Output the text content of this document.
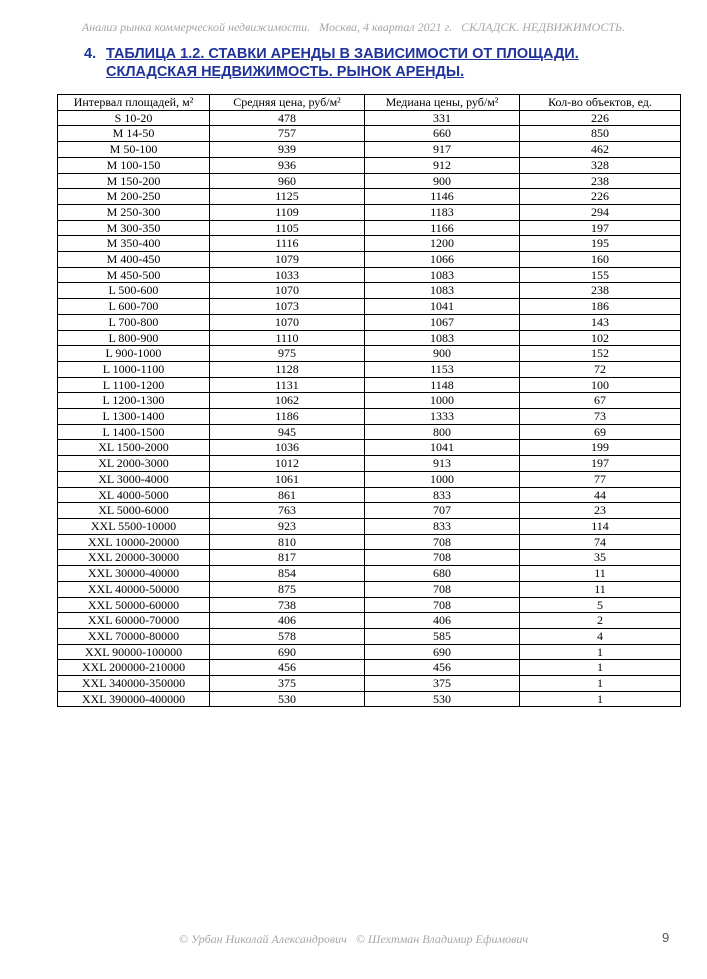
Анализ рынка коммерческой недвижимости. Москва, 4 квартал 2021 г. СКЛАДСК. НЕДВИЖИМОСТЬ.
4. ТАБЛИЦА 1.2. СТАВКИ АРЕНДЫ В ЗАВИСИМОСТИ ОТ ПЛОЩАДИ.
СКЛАДСКАЯ НЕДВИЖИМОСТЬ. РЫНОК АРЕНДЫ.
Интервал площадей, м²	Средняя цена, руб/м²	Медиана цены, руб/м²	Кол-во объектов, ед.
S 10-20	478	331	226
M 14-50	757	660	850
M 50-100	939	917	462
M 100-150	936	912	328
M 150-200	960	900	238
M 200-250	1125	1146	226
M 250-300	1109	1183	294
M 300-350	1105	1166	197
M 350-400	1116	1200	195
M 400-450	1079	1066	160
M 450-500	1033	1083	155
L 500-600	1070	1083	238
L 600-700	1073	1041	186
L 700-800	1070	1067	143
L 800-900	1110	1083	102
L 900-1000	975	900	152
L 1000-1100	1128	1153	72
L 1100-1200	1131	1148	100
L 1200-1300	1062	1000	67
L 1300-1400	1186	1333	73
L 1400-1500	945	800	69
XL 1500-2000	1036	1041	199
XL 2000-3000	1012	913	197
XL 3000-4000	1061	1000	77
XL 4000-5000	861	833	44
XL 5000-6000	763	707	23
XXL 5500-10000	923	833	114
XXL 10000-20000	810	708	74
XXL 20000-30000	817	708	35
XXL 30000-40000	854	680	11
XXL 40000-50000	875	708	11
XXL 50000-60000	738	708	5
XXL 60000-70000	406	406	2
XXL 70000-80000	578	585	4
XXL 90000-100000	690	690	1
XXL 200000-210000	456	456	1
XXL 340000-350000	375	375	1
XXL 390000-400000	530	530	1
© Урбан Николай Александрович © Шехтман Владимир Ефимович	9
